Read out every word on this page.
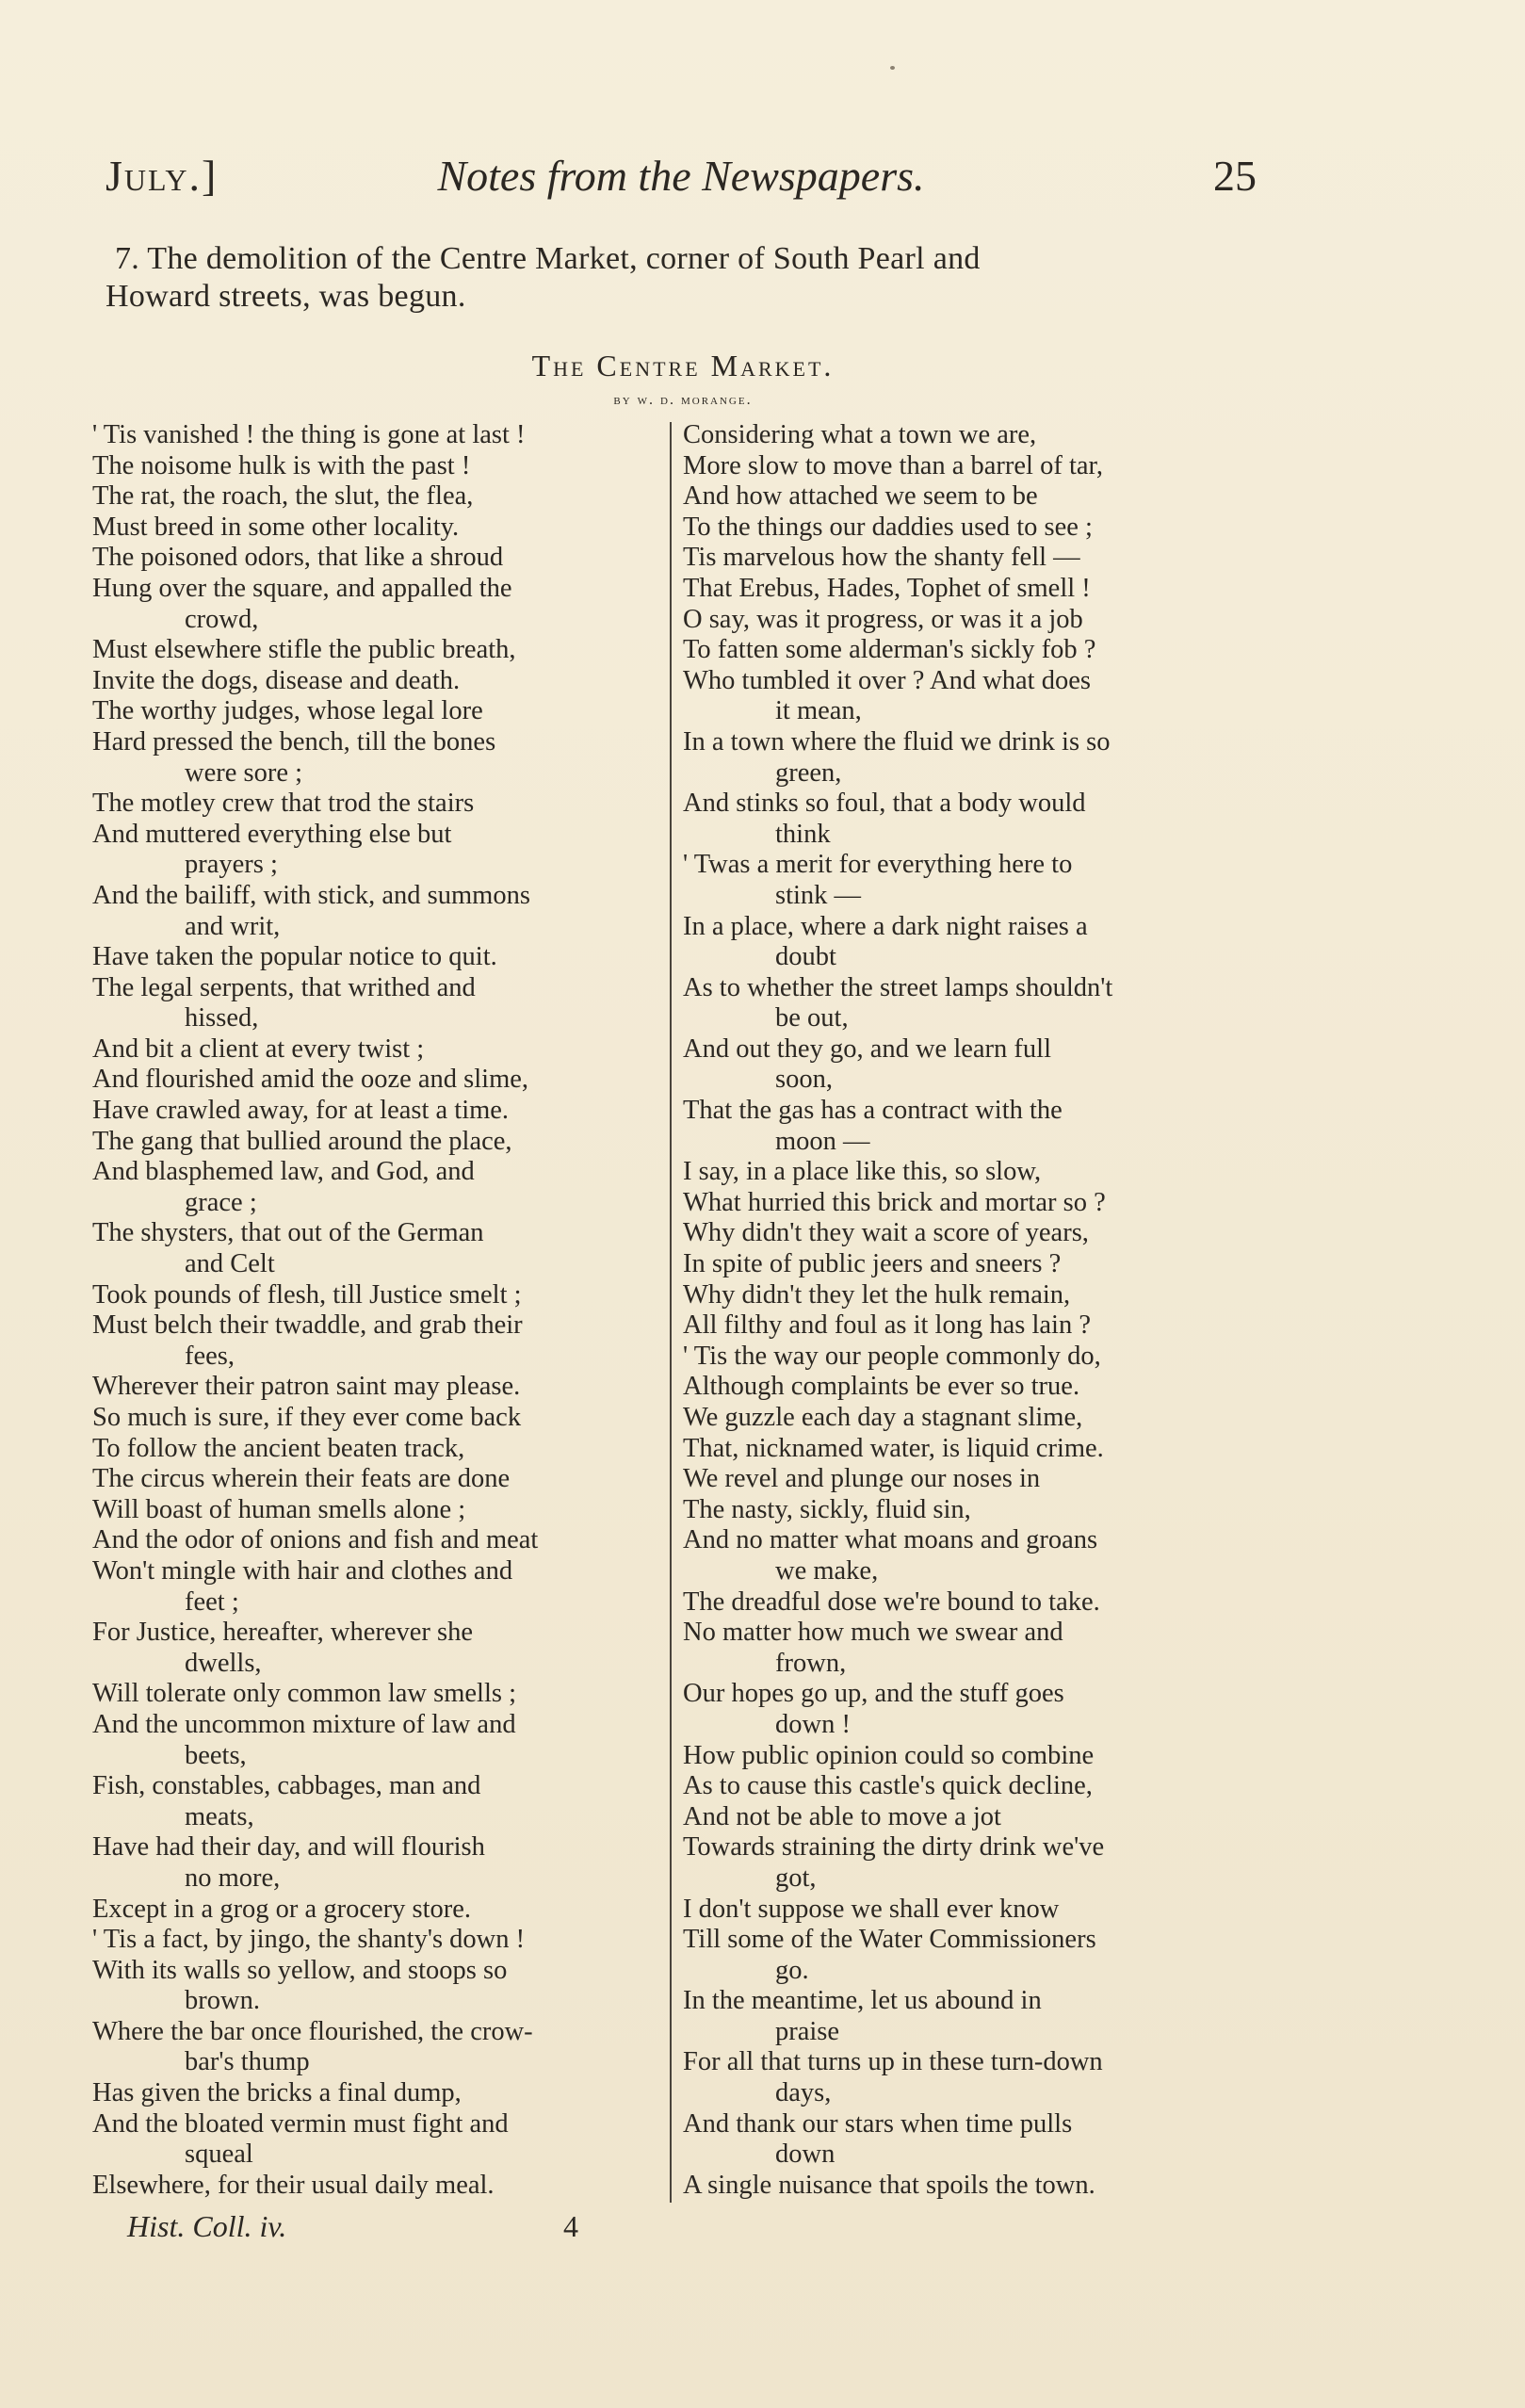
July.]	Notes from the Newspapers.	25
7. The demolition of the Centre Market, corner of South Pearl and
Howard streets, was begun.
The Centre Market.
by w. d. morange.
' Tis vanished ! the thing is gone at last !
The noisome hulk is with the past !
The rat, the roach, the slut, the flea,
Must breed in some other locality.
The poisoned odors, that like a shroud
Hung over the square, and appalled the
crowd,
Must elsewhere stifle the public breath,
Invite the dogs, disease and death.
The worthy judges, whose legal lore
Hard pressed the bench, till the bones
were sore ;
The motley crew that trod the stairs
And muttered everything else but
prayers ;
And the bailiff, with stick, and summons
and writ,
Have taken the popular notice to quit.
The legal serpents, that writhed and
hissed,
And bit a client at every twist ;
And flourished amid the ooze and slime,
Have crawled away, for at least a time.
The gang that bullied around the place,
And blasphemed law, and God, and
grace ;
The shysters, that out of the German
and Celt
Took pounds of flesh, till Justice smelt ;
Must belch their twaddle, and grab their
fees,
Wherever their patron saint may please.
So much is sure, if they ever come back
To follow the ancient beaten track,
The circus wherein their feats are done
Will boast of human smells alone ;
And the odor of onions and fish and meat
Won't mingle with hair and clothes and
feet ;
For Justice, hereafter, wherever she
dwells,
Will tolerate only common law smells ;
And the uncommon mixture of law and
beets,
Fish, constables, cabbages, man and
meats,
Have had their day, and will flourish
no more,
Except in a grog or a grocery store.
' Tis a fact, by jingo, the shanty's down !
With its walls so yellow, and stoops so
brown.
Where the bar once flourished, the crow-
bar's thump
Has given the bricks a final dump,
And the bloated vermin must fight and
squeal
Elsewhere, for their usual daily meal.
Considering what a town we are,
More slow to move than a barrel of tar,
And how attached we seem to be
To the things our daddies used to see ;
Tis marvelous how the shanty fell —
That Erebus, Hades, Tophet of smell !
O say, was it progress, or was it a job
To fatten some alderman's sickly fob ?
Who tumbled it over ? And what does
it mean,
In a town where the fluid we drink is so
green,
And stinks so foul, that a body would
think
' Twas a merit for everything here to
stink —
In a place, where a dark night raises a
doubt
As to whether the street lamps shouldn't
be out,
And out they go, and we learn full
soon,
That the gas has a contract with the
moon —
I say, in a place like this, so slow,
What hurried this brick and mortar so ?
Why didn't they wait a score of years,
In spite of public jeers and sneers ?
Why didn't they let the hulk remain,
All filthy and foul as it long has lain ?
' Tis the way our people commonly do,
Although complaints be ever so true.
We guzzle each day a stagnant slime,
That, nicknamed water, is liquid crime.
We revel and plunge our noses in
The nasty, sickly, fluid sin,
And no matter what moans and groans
we make,
The dreadful dose we're bound to take.
No matter how much we swear and
frown,
Our hopes go up, and the stuff goes
down !
How public opinion could so combine
As to cause this castle's quick decline,
And not be able to move a jot
Towards straining the dirty drink we've
got,
I don't suppose we shall ever know
Till some of the Water Commissioners
go.
In the meantime, let us abound in
praise
For all that turns up in these turn-down
days,
And thank our stars when time pulls
down
A single nuisance that spoils the town.
Hist. Coll. iv.	4
